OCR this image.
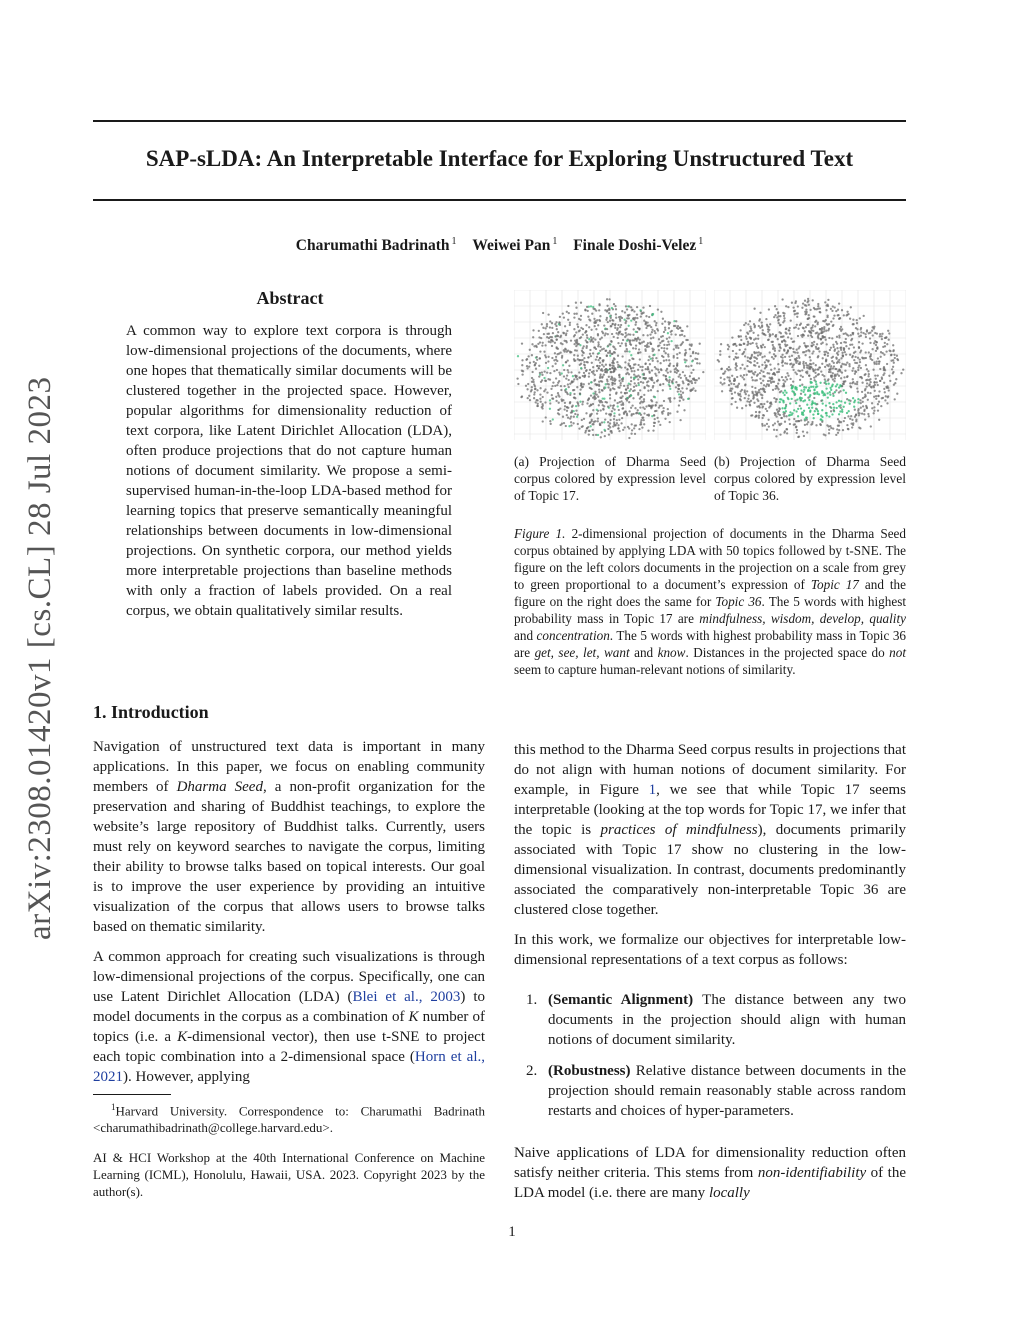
SAP-sLDA: An Interpretable Interface for Exploring Unstructured Text
Charumathi Badrinath $^1$ Weiwei Pan $^1$ Finale Doshi-Velez $^1$
arXiv:2308.01420v1 [cs.CL] 28 Jul 2023
Abstract
A common way to explore text corpora is through low-dimensional projections of the documents, where one hopes that thematically similar documents will be clustered together in the projected space. However, popular algorithms for dimensionality reduction of text corpora, like Latent Dirichlet Allocation (LDA), often produce projections that do not capture human notions of document similarity. We propose a semi-supervised human-in-the-loop LDA-based method for learning topics that preserve semantically meaningful relationships between documents in low-dimensional projections. On synthetic corpora, our method yields more interpretable projections than baseline methods with only a fraction of labels provided. On a real corpus, we obtain qualitatively similar results.
1. Introduction

Navigation of unstructured text data is important in many applications. In this paper, we focus on enabling community members of Dharma Seed, a non-profit organization for the preservation and sharing of Buddhist teachings, to explore the website’s large repository of Buddhist talks. Currently, users must rely on keyword searches to navigate the corpus, limiting their ability to browse talks based on topical interests. Our goal is to improve the user experience by providing an intuitive visualization of the corpus that allows users to browse talks based on thematic similarity.

A common approach for creating such visualizations is through low-dimensional projections of the corpus. Specifically, one can use Latent Dirichlet Allocation (LDA) (Blei et al., 2003) to model documents in the corpus as a combination of K number of topics (i.e. a K-dimensional vector), then use t-SNE to project each topic combination into a 2-dimensional space (Horn et al., 2021). However, applying

$^1$Harvard University. Correspondence to: Charumathi Badrinath <charumathibadrinath@college.harvard.edu>.
AI & HCI Workshop at the 40th International Conference on Machine Learning (ICML), Honolulu, Hawaii, USA. 2023. Copyright 2023 by the author(s).
(a) Projection of Dharma Seed corpus colored by expression level of Topic 17.
(b) Projection of Dharma Seed corpus colored by expression level of Topic 36.
Figure 1. 2-dimensional projection of documents in the Dharma Seed corpus obtained by applying LDA with 50 topics followed by t-SNE. The figure on the left colors documents in the projection on a scale from grey to green proportional to a document’s expression of Topic 17 and the figure on the right does the same for Topic 36. The 5 words with highest probability mass in Topic 17 are mindfulness, wisdom, develop, quality and concentration. The 5 words with highest probability mass in Topic 36 are get, see, let, want and know. Distances in the projected space do not seem to capture human-relevant notions of similarity.

this method to the Dharma Seed corpus results in projections that do not align with human notions of document similarity. For example, in Figure 1, we see that while Topic 17 seems interpretable (looking at the top words for Topic 17, we infer that the topic is practices of mindfulness), documents primarily associated with Topic 17 show no clustering in the low-dimensional visualization. In contrast, documents predominantly associated the comparatively non-interpretable Topic 36 are clustered close together.

In this work, we formalize our objectives for interpretable low-dimensional representations of a text corpus as follows:
1. (Semantic Alignment) The distance between any two documents in the projection should align with human notions of document similarity.
2. (Robustness) Relative distance between documents in the projection should remain reasonably stable across random restarts and choices of hyper-parameters.

Naive applications of LDA for dimensionality reduction often satisfy neither criteria. This stems from non-identifiability of the LDA model (i.e. there are many locally

1
